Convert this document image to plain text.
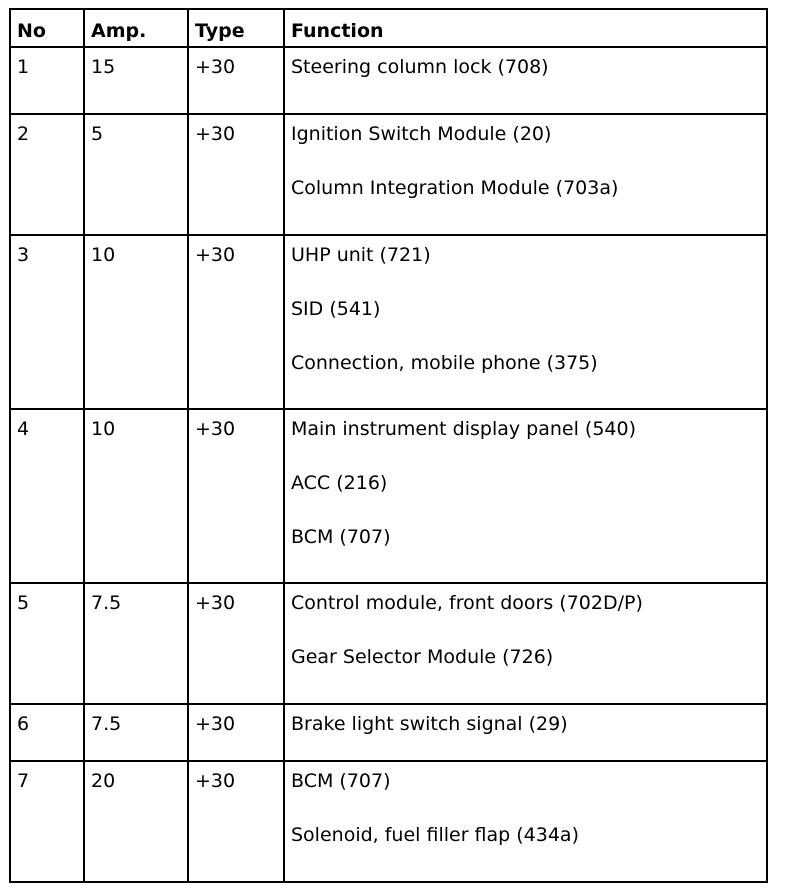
No	Amp.	Type	Function
1	15	+30	Steering column lock (708)

2	5	+30	Ignition Switch Module (20)
Column Integration Module (703a)

3	10	+30	UHP unit (721)
SID (541)
Connection, mobile phone (375)

4	10	+30	Main instrument display panel (540)
ACC (216)
BCM (707)

5	7.5	+30	Control module, front doors (702D/P)
Gear Selector Module (726)

6	7.5	+30	Brake light switch signal (29)

7	20	+30	BCM (707)
Solenoid, fuel filler flap (434a)
